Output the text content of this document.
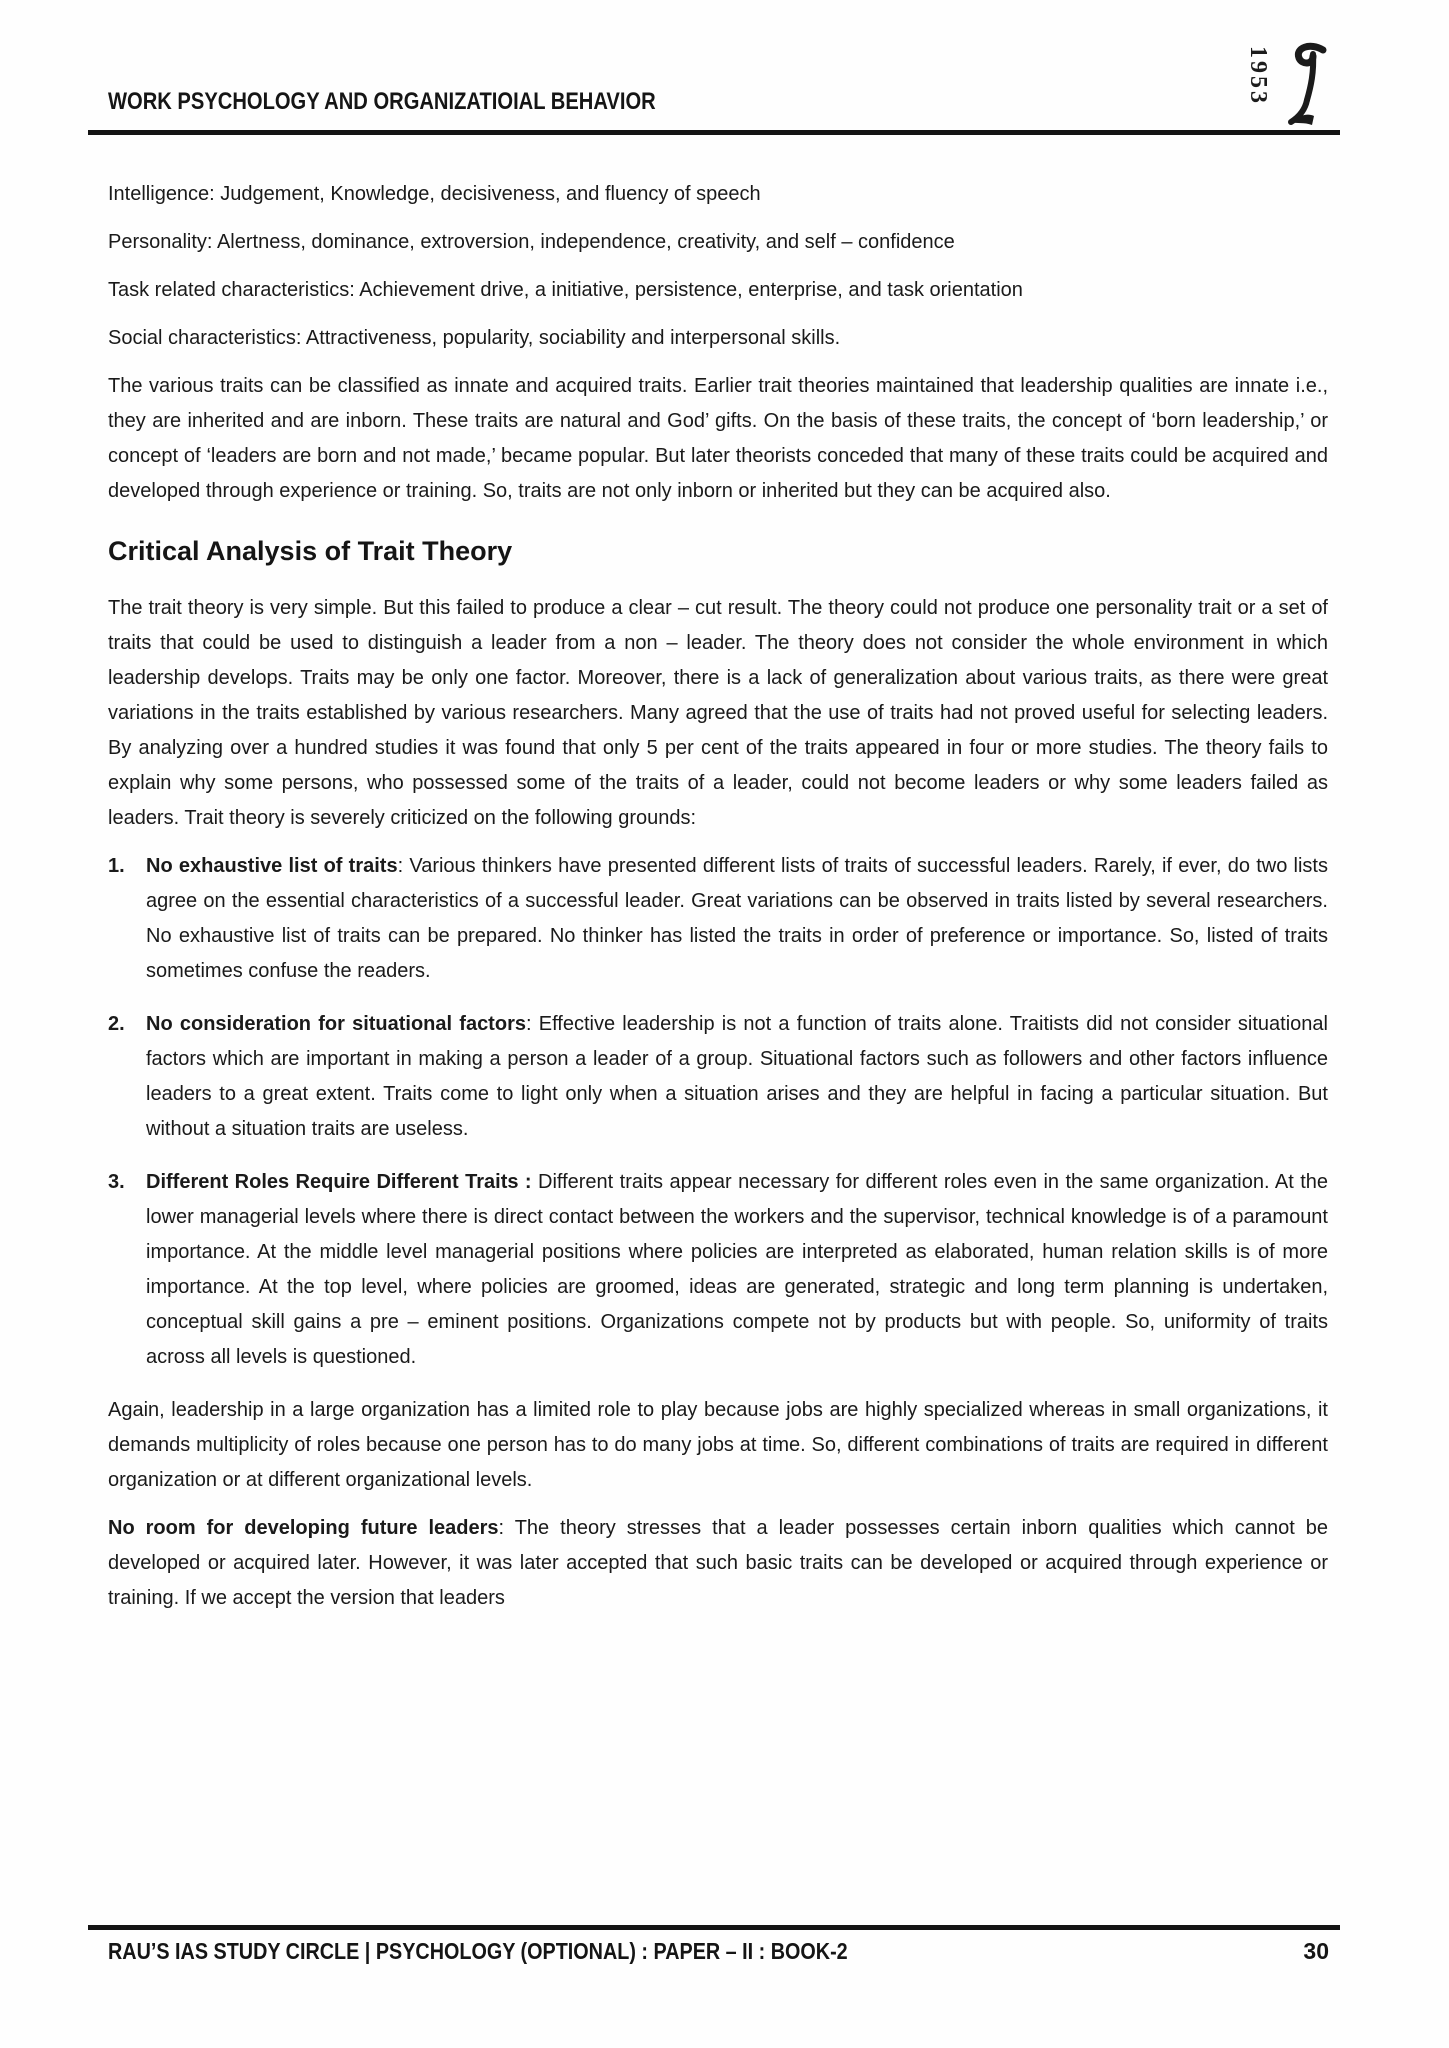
WORK PSYCHOLOGY AND ORGANIZATIOIAL BEHAVIOR	1953

Intelligence: Judgement, Knowledge, decisiveness, and fluency of speech

Personality: Alertness, dominance, extroversion, independence, creativity, and self – confidence

Task related characteristics: Achievement drive, a initiative, persistence, enterprise, and task orientation

Social characteristics: Attractiveness, popularity, sociability and interpersonal skills.

The various traits can be classified as innate and acquired traits. Earlier trait theories maintained that leadership qualities are innate i.e., they are inherited and are inborn. These traits are natural and God’ gifts. On the basis of these traits, the concept of ‘born leadership,’ or concept of ‘leaders are born and not made,’ became popular. But later theorists conceded that many of these traits could be acquired and developed through experience or training. So, traits are not only inborn or inherited but they can be acquired also.

Critical Analysis of Trait Theory

The trait theory is very simple. But this failed to produce a clear – cut result. The theory could not produce one personality trait or a set of traits that could be used to distinguish a leader from a non – leader. The theory does not consider the whole environment in which leadership develops. Traits may be only one factor. Moreover, there is a lack of generalization about various traits, as there were great variations in the traits established by various researchers. Many agreed that the use of traits had not proved useful for selecting leaders. By analyzing over a hundred studies it was found that only 5 per cent of the traits appeared in four or more studies. The theory fails to explain why some persons, who possessed some of the traits of a leader, could not become leaders or why some leaders failed as leaders. Trait theory is severely criticized on the following grounds:

1.	No exhaustive list of traits: Various thinkers have presented different lists of traits of successful leaders. Rarely, if ever, do two lists agree on the essential characteristics of a successful leader. Great variations can be observed in traits listed by several researchers. No exhaustive list of traits can be prepared. No thinker has listed the traits in order of preference or importance. So, listed of traits sometimes confuse the readers.
2.	No consideration for situational factors: Effective leadership is not a function of traits alone. Traitists did not consider situational factors which are important in making a person a leader of a group. Situational factors such as followers and other factors influence leaders to a great extent. Traits come to light only when a situation arises and they are helpful in facing a particular situation. But without a situation traits are useless.
3.	Different Roles Require Different Traits : Different traits appear necessary for different roles even in the same organization. At the lower managerial levels where there is direct contact between the workers and the supervisor, technical knowledge is of a paramount importance. At the middle level managerial positions where policies are interpreted as elaborated, human relation skills is of more importance. At the top level, where policies are groomed, ideas are generated, strategic and long term planning is undertaken, conceptual skill gains a pre – eminent positions. Organizations compete not by products but with people. So, uniformity of traits across all levels is questioned.

Again, leadership in a large organization has a limited role to play because jobs are highly specialized whereas in small organizations, it demands multiplicity of roles because one person has to do many jobs at time. So, different combinations of traits are required in different organization or at different organizational levels.

No room for developing future leaders: The theory stresses that a leader possesses certain inborn qualities which cannot be developed or acquired later. However, it was later accepted that such basic traits can be developed or acquired through experience or training. If we accept the version that leaders

RAU’S IAS STUDY CIRCLE | PSYCHOLOGY (OPTIONAL) : PAPER – II : BOOK-2	30
